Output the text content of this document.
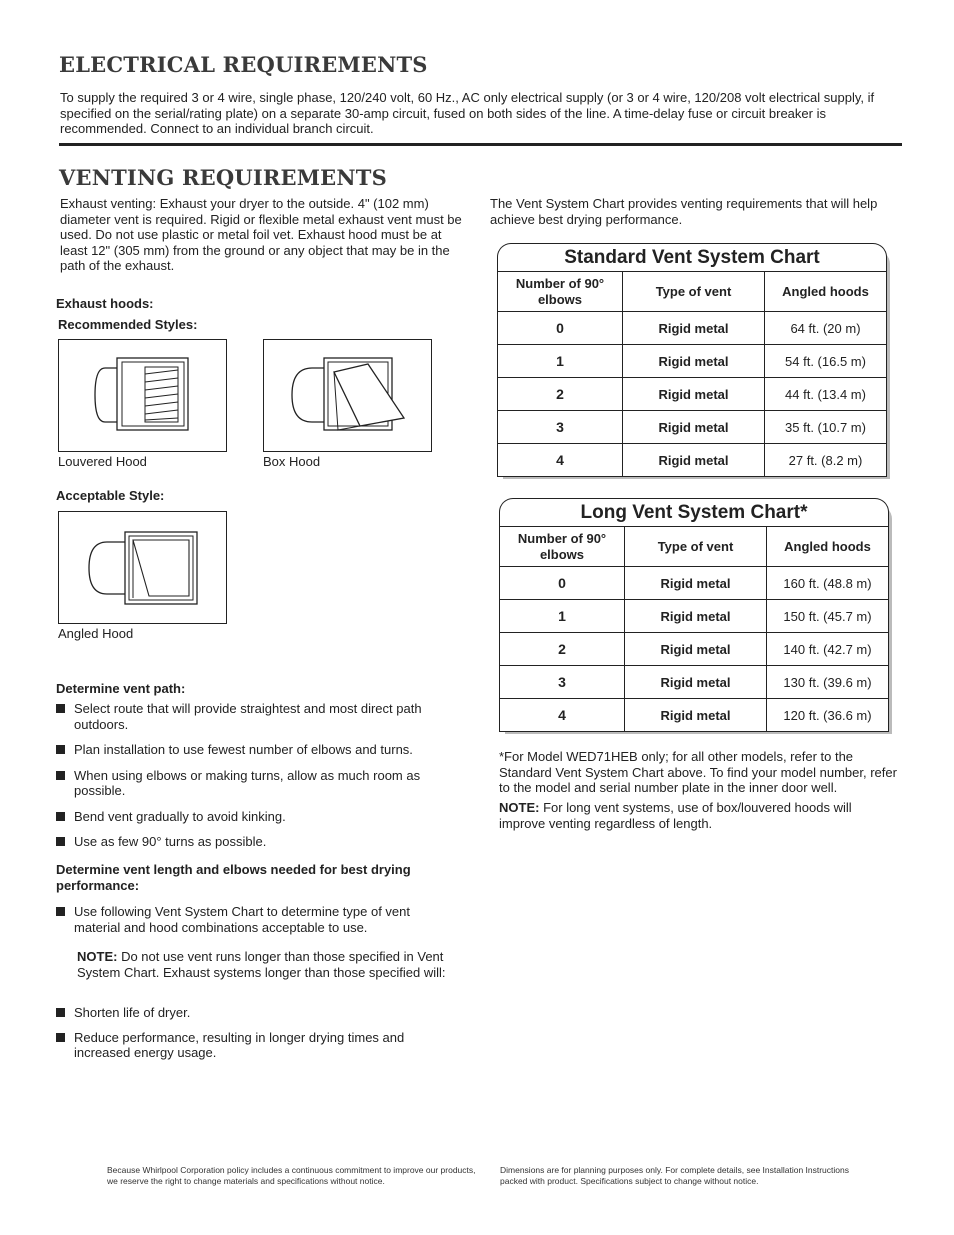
ELECTRICAL REQUIREMENTS
To supply the required 3 or 4 wire, single phase, 120/240 volt, 60 Hz., AC only electrical supply (or 3 or 4 wire, 120/208 volt electrical supply, if specified on the serial/rating plate) on a separate 30-amp circuit, fused on both sides of the line. A time-delay fuse or circuit breaker is recommended. Connect to an individual branch circuit.
VENTING REQUIREMENTS
Exhaust venting: Exhaust your dryer to the outside. 4" (102 mm) diameter vent is required. Rigid or flexible metal exhaust vent must be used. Do not use plastic or metal foil vet. Exhaust hood must be at least 12" (305 mm) from the ground or any object that may be in the path of the exhaust.
The Vent System Chart provides venting requirements that will help achieve best drying performance.
Exhaust hoods:
Recommended Styles:
Louvered Hood	Box Hood
Acceptable Style:
Angled Hood
Determine vent path:
Select route that will provide straightest and most direct path outdoors.
Plan installation to use fewest number of elbows and turns.
When using elbows or making turns, allow as much room as possible.
Bend vent gradually to avoid kinking.
Use as few 90° turns as possible.
Determine vent length and elbows needed for best drying performance:
Use following Vent System Chart to determine type of vent material and hood combinations acceptable to use.
NOTE: Do not use vent runs longer than those specified in Vent System Chart. Exhaust systems longer than those specified will:
Shorten life of dryer.
Reduce performance, resulting in longer drying times and increased energy usage.
Standard Vent System Chart
Number of 90° elbows	Type of vent	Angled hoods
0	Rigid metal	64 ft. (20 m)
1	Rigid metal	54 ft. (16.5 m)
2	Rigid metal	44 ft. (13.4 m)
3	Rigid metal	35 ft. (10.7 m)
4	Rigid metal	27 ft. (8.2 m)
Long Vent System Chart*
Number of 90° elbows	Type of vent	Angled hoods
0	Rigid metal	160 ft. (48.8 m)
1	Rigid metal	150 ft. (45.7 m)
2	Rigid metal	140 ft. (42.7 m)
3	Rigid metal	130 ft. (39.6 m)
4	Rigid metal	120 ft. (36.6 m)
*For Model WED71HEB only; for all other models, refer to the Standard Vent System Chart above. To find your model number, refer to the model and serial number plate in the inner door well.
NOTE: For long vent systems, use of box/louvered hoods will improve venting regardless of length.
Because Whirlpool Corporation policy includes a continuous commitment to improve our products, we reserve the right to change materials and specifications without notice.
Dimensions are for planning purposes only. For complete details, see Installation Instructions packed with product. Specifications subject to change without notice.
